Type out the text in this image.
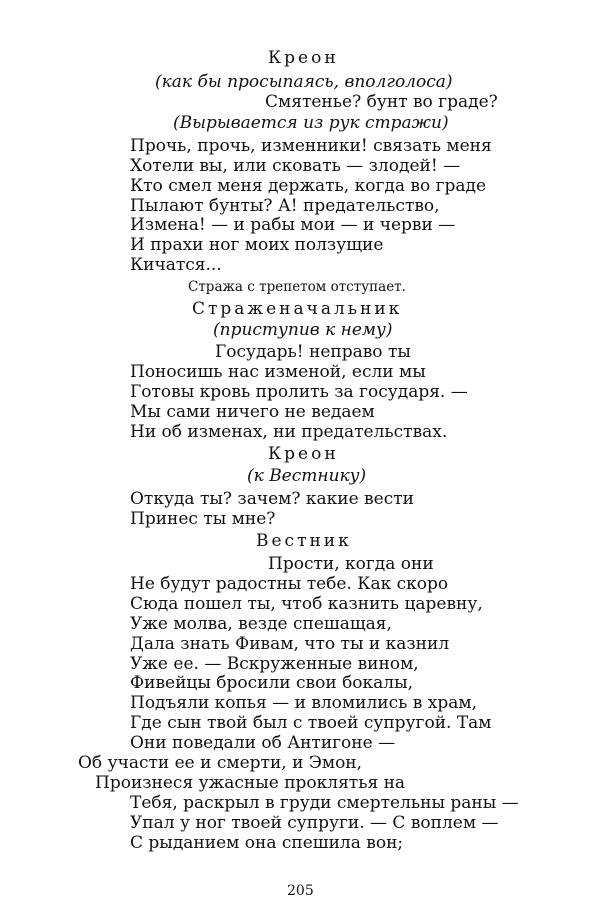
Креон
(как бы просыпаясь, вполголоса)
Смятенье? бунт во граде?
(Вырывается из рук стражи)
Прочь, прочь, изменники! связать меня
Хотели вы, или сковать — злодей! —
Кто смел меня держать, когда во граде
Пылают бунты? А! предательство,
Измена! — и рабы мои — и черви —
И прахи ног моих ползущие
Кичатся...
Стража с трепетом отступает.
Страженачальник
(приступив к нему)
Государь! неправо ты
Поносишь нас изменой, если мы
Готовы кровь пролить за государя. —
Мы сами ничего не ведаем
Ни об изменах, ни предательствах.
Креон
(к Вестнику)
Откуда ты? зачем? какие вести
Принес ты мне?
Вестник
Прости, когда они
Не будут радостны тебе. Как скоро
Сюда пошел ты, чтоб казнить царевну,
Уже молва, везде спешащая,
Дала знать Фивам, что ты и казнил
Уже ее. — Вскруженные вином,
Фивейцы бросили свои бокалы,
Подъяли копья — и вломились в храм,
Где сын твой был с твоей супругой. Там
Они поведали об Антигоне —
Об участи ее и смерти, и Эмон,
Произнеся ужасные проклятья на
Тебя, раскрыл в груди смертельны раны —
Упал у ног твоей супруги. — С воплем —
С рыданием она спешила вон;
205
